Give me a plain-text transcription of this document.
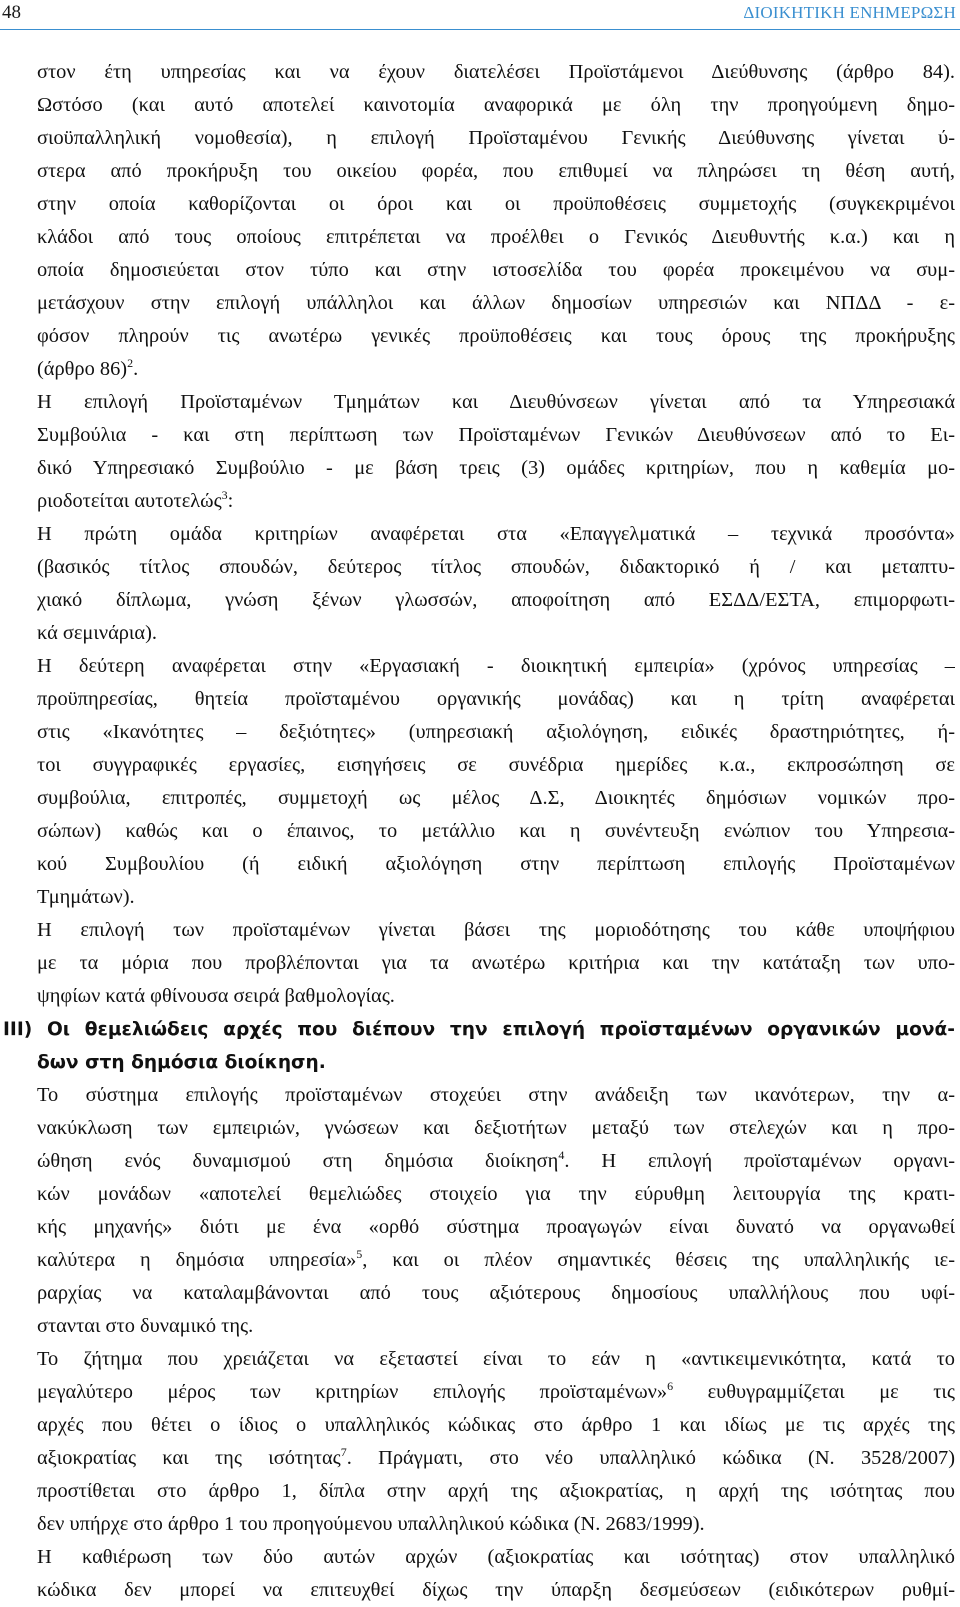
48	ΔΙΟΙΚΗΤΙΚΗ ΕΝΗΜΕΡΩΣΗ
στον έτη υπηρεσίας και να έχουν διατελέσει Προϊστάμενοι Διεύθυνσης (άρθρο 84).
Ωστόσο (και αυτό αποτελεί καινοτομία αναφορικά με όλη την προηγούμενη δημο-
σιοϋπαλληλική νομοθεσία), η επιλογή Προϊσταμένου Γενικής Διεύθυνσης γίνεται ύ-
στερα από προκήρυξη του οικείου φορέα, που επιθυμεί να πληρώσει τη θέση αυτή,
στην οποία καθορίζονται οι όροι και οι προϋποθέσεις συμμετοχής (συγκεκριμένοι
κλάδοι από τους οποίους επιτρέπεται να προέλθει ο Γενικός Διευθυντής κ.α.) και η
οποία δημοσιεύεται στον τύπο και στην ιστοσελίδα του φορέα προκειμένου να συμ-
μετάσχουν στην επιλογή υπάλληλοι και άλλων δημοσίων υπηρεσιών και ΝΠΔΔ - ε-
φόσον πληρούν τις ανωτέρω γενικές προϋποθέσεις και τους όρους της προκήρυξης
(άρθρο 86)$^2$.
Η επιλογή Προϊσταμένων Τμημάτων και Διευθύνσεων γίνεται από τα Υπηρεσιακά
Συμβούλια - και στη περίπτωση των Προϊσταμένων Γενικών Διευθύνσεων από το Ει-
δικό Υπηρεσιακό Συμβούλιο - με βάση τρεις (3) ομάδες κριτηρίων, που η καθεμία μο-
ριοδοτείται αυτοτελώς$^3$:
Η πρώτη ομάδα κριτηρίων αναφέρεται στα «Επαγγελματικά – τεχνικά προσόντα»
(βασικός τίτλος σπουδών, δεύτερος τίτλος σπουδών, διδακτορικό ή / και μεταπτυ-
χιακό δίπλωμα, γνώση ξένων γλωσσών, αποφοίτηση από ΕΣΔΔ/ΕΣΤΑ, επιμορφωτι-
κά σεμινάρια).
Η δεύτερη αναφέρεται στην «Εργασιακή - διοικητική εμπειρία» (χρόνος υπηρεσίας –
προϋπηρεσίας, θητεία προϊσταμένου οργανικής μονάδας) και η τρίτη αναφέρεται
στις «Ικανότητες – δεξιότητες» (υπηρεσιακή αξιολόγηση, ειδικές δραστηριότητες, ή-
τοι συγγραφικές εργασίες, εισηγήσεις σε συνέδρια ημερίδες κ.α., εκπροσώπηση σε
συμβούλια, επιτροπές, συμμετοχή ως μέλος Δ.Σ, Διοικητές δημόσιων νομικών προ-
σώπων) καθώς και ο έπαινος, το μετάλλιο και η συνέντευξη ενώπιον του Υπηρεσια-
κού Συμβουλίου (ή ειδική αξιολόγηση στην περίπτωση επιλογής Προϊσταμένων
Τμημάτων).
Η επιλογή των προϊσταμένων γίνεται βάσει της μοριοδότησης του κάθε υποψήφιου
με τα μόρια που προβλέπονται για τα ανωτέρω κριτήρια και την κατάταξη των υπο-
ψηφίων κατά φθίνουσα σειρά βαθμολογίας.
ΙΙΙ) Οι θεμελιώδεις αρχές που διέπουν την επιλογή προϊσταμένων οργανικών μονά-
δων στη δημόσια διοίκηση.
Το σύστημα επιλογής προϊσταμένων στοχεύει στην ανάδειξη των ικανότερων, την α-
νακύκλωση των εμπειριών, γνώσεων και δεξιοτήτων μεταξύ των στελεχών και η προ-
ώθηση ενός δυναμισμού στη δημόσια διοίκηση$^4$. Η επιλογή προϊσταμένων οργανι-
κών μονάδων «αποτελεί θεμελιώδες στοιχείο για την εύρυθμη λειτουργία της κρατι-
κής μηχανής» διότι με ένα «ορθό σύστημα προαγωγών είναι δυνατό να οργανωθεί
καλύτερα η δημόσια υπηρεσία»$^5$, και οι πλέον σημαντικές θέσεις της υπαλληλικής ιε-
ραρχίας να καταλαμβάνονται από τους αξιότερους δημοσίους υπαλλήλους που υφί-
στανται στο δυναμικό της.
Το ζήτημα που χρειάζεται να εξεταστεί είναι το εάν η «αντικειμενικότητα, κατά το
μεγαλύτερο μέρος των κριτηρίων επιλογής προϊσταμένων»$^6$ ευθυγραμμίζεται με τις
αρχές που θέτει ο ίδιος ο υπαλληλικός κώδικας στο άρθρο 1 και ιδίως με τις αρχές της
αξιοκρατίας και της ισότητας$^7$. Πράγματι, στο νέο υπαλληλικό κώδικα (Ν. 3528/2007)
προστίθεται στο άρθρο 1, δίπλα στην αρχή της αξιοκρατίας, η αρχή της ισότητας που
δεν υπήρχε στο άρθρο 1 του προηγούμενου υπαλληλικού κώδικα (Ν. 2683/1999).
Η καθιέρωση των δύο αυτών αρχών (αξιοκρατίας και ισότητας) στον υπαλληλικό
κώδικα δεν μπορεί να επιτευχθεί δίχως την ύπαρξη δεσμεύσεων (ειδικότερων ρυθμί-
